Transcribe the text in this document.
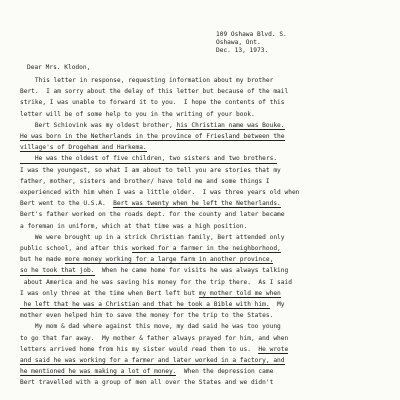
109 Oshawa Blvd. S.
Oshawa, Ont.
Dec. 13, 1973.
Dear Mrs. Klodon,
This letter in response, requesting information about my brother
Bert.  I am sorry about the delay of this letter but because of the mail
strike, I was unable to forward it to you.  I hope the contents of this
letter will be of some help to you in the writing of your book.
Bert Schiovink was my oldest brother, his Christian name was Bouke.
He was born in the Netherlands in the province of Friesland between the
village's of Drogeham and Harkema.
He was the oldest of five children, two sisters and two brothers.
I was the youngest, so what I am about to tell you are stories that my
father, mother, sisters and brother/ have told me and some things I
experienced with him when I was a little older.  I was three years old when
Bert went to the U.S.A.  Bert was twenty when he left the Netherlands.
Bert's father worked on the roads dept. for the county and later became
a foreman in uniform, which at that time was a high position.
We were brought up in a strick Christian family, Bert attended only
public school, and after this worked for a farmer in the neighborhood,
but he made more money working for a large farm in another province,
so he took that job.  When he came home for visits he was always talking
about America and he was saving his money for the trip there.  As I said
I was only three at the time when Bert left but my mother told me when
he left that he was a Christian and that he took a Bible with him.  My
mother even helped him to save the money for the trip to the States.
My mom & dad where against this move, my dad said he was too young
to go that far away.  My mother & father always prayed for him, and when
letters arrived home from his my sister would read them to us.  He wrote
and said he was working for a farmer and later worked in a factory, and
he mentioned he was making a lot of money.  When the depression came
Bert travelled with a group of men all over the States and we didn't
